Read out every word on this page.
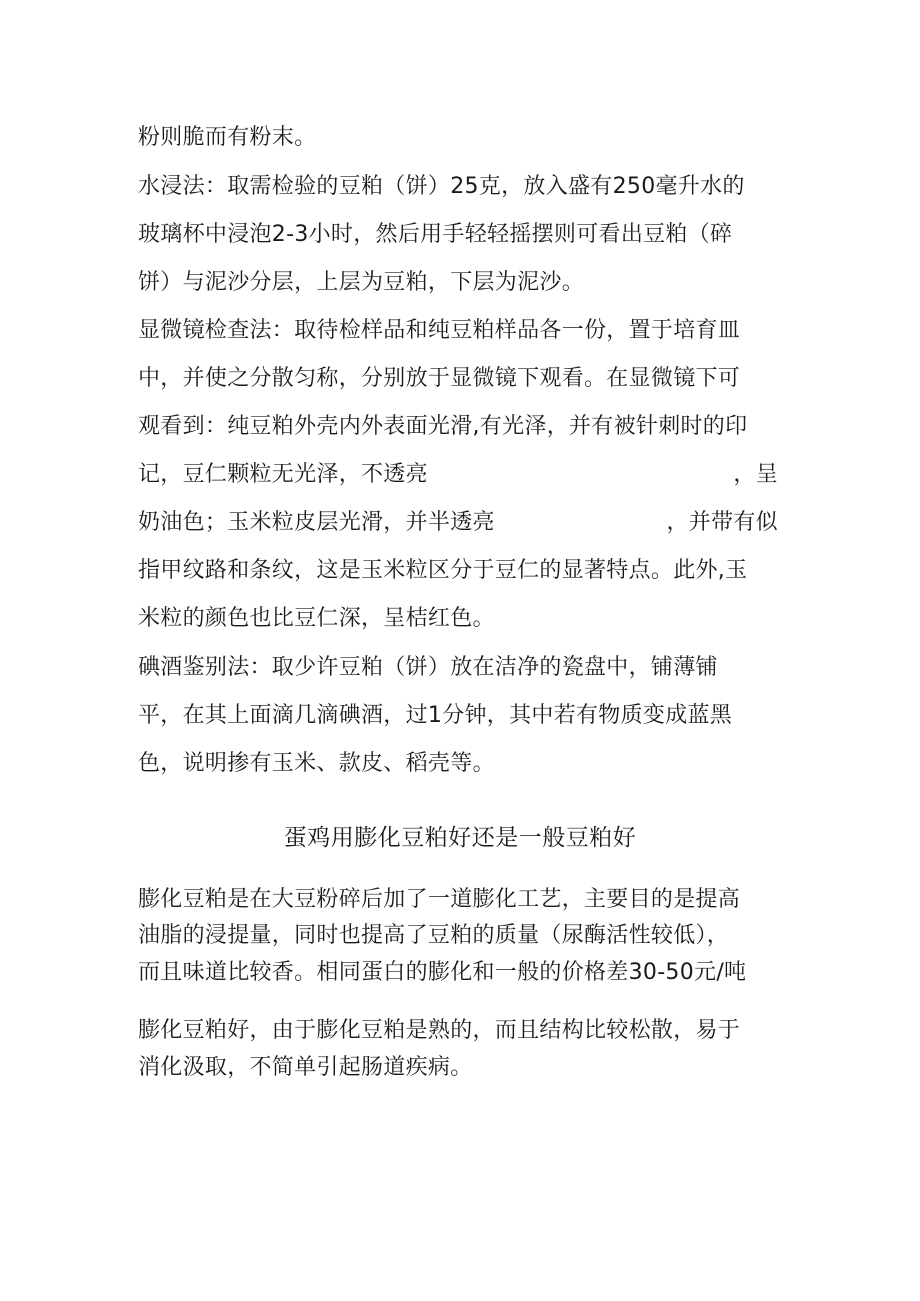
粉则脆而有粉末。
水浸法：取需检验的豆粕（饼）25克，放入盛有250毫升水的
玻璃杯中浸泡2-3小时，然后用手轻轻摇摆则可看出豆粕（碎
饼）与泥沙分层，上层为豆粕，下层为泥沙。
显微镜检查法：取待检样品和纯豆粕样品各一份，置于培育皿
中，并使之分散匀称，分别放于显微镜下观看。在显微镜下可
观看到：纯豆粕外壳内外表面光滑,有光泽，并有被针刺时的印
记，豆仁颗粒无光泽，不透亮	，呈
奶油色；玉米粒皮层光滑，并半透亮	，并带有似
指甲纹路和条纹，这是玉米粒区分于豆仁的显著特点。此外,玉
米粒的颜色也比豆仁深，呈桔红色。
碘酒鉴别法：取少许豆粕（饼）放在洁净的瓷盘中，铺薄铺
平，在其上面滴几滴碘酒，过1分钟，其中若有物质变成蓝黑
色，说明掺有玉米、款皮、稻壳等。
蛋鸡用膨化豆粕好还是一般豆粕好
膨化豆粕是在大豆粉碎后加了一道膨化工艺，主要目的是提高
油脂的浸提量，同时也提高了豆粕的质量（尿酶活性较低），
而且味道比较香。相同蛋白的膨化和一般的价格差30-50元/吨
膨化豆粕好，由于膨化豆粕是熟的，而且结构比较松散，易于
消化汲取，不简单引起肠道疾病。
